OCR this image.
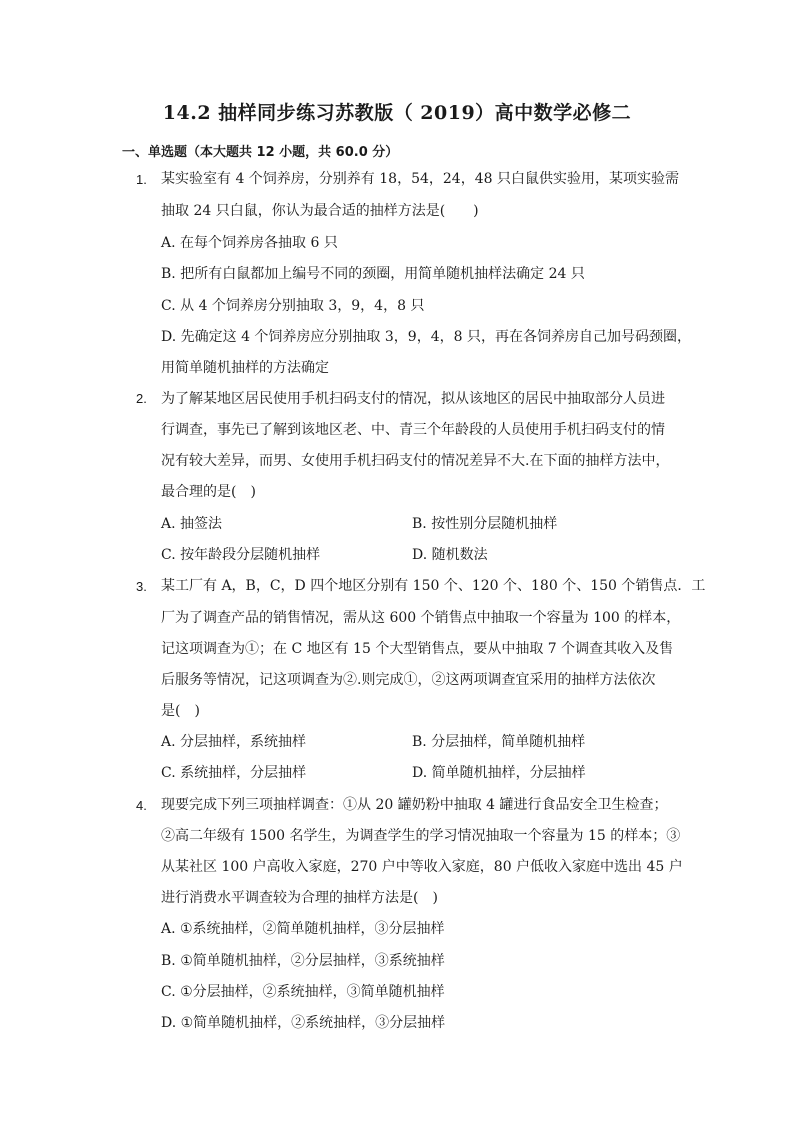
14.2 抽样同步练习苏教版（ 2019）高中数学必修二
一、单选题（本大题共 12 小题，共 60.0 分）
1. 某实验室有 4 个饲养房，分别养有 18，54，24，48 只白鼠供实验用，某项实验需
抽取 24 只白鼠，你认为最合适的抽样方法是(　　)
A. 在每个饲养房各抽取 6 只
B. 把所有白鼠都加上编号不同的颈圈，用简单随机抽样法确定 24 只
C. 从 4 个饲养房分别抽取 3，9，4，8 只
D. 先确定这 4 个饲养房应分别抽取 3，9，4，8 只，再在各饲养房自己加号码颈圈，
用简单随机抽样的方法确定
2. 为了解某地区居民使用手机扫码支付的情况，拟从该地区的居民中抽取部分人员进
行调查，事先已了解到该地区老、中、青三个年龄段的人员使用手机扫码支付的情
况有较大差异，而男、女使用手机扫码支付的情况差异不大.在下面的抽样方法中，
最合理的是(　)
A. 抽签法	B. 按性别分层随机抽样
C. 按年龄段分层随机抽样	D. 随机数法
3. 某工厂有 A，B，C，D 四个地区分别有 150 个、120 个、180 个、150 个销售点．工
厂为了调查产品的销售情况，需从这 600 个销售点中抽取一个容量为 100 的样本，
记这项调查为①；在 C 地区有 15 个大型销售点，要从中抽取 7 个调查其收入及售
后服务等情况，记这项调查为②.则完成①，②这两项调查宜采用的抽样方法依次
是(　)
A. 分层抽样，系统抽样	B. 分层抽样，简单随机抽样
C. 系统抽样，分层抽样	D. 简单随机抽样，分层抽样
4. 现要完成下列三项抽样调查：①从 20 罐奶粉中抽取 4 罐进行食品安全卫生检查；
②高二年级有 1500 名学生，为调查学生的学习情况抽取一个容量为 15 的样本；③
从某社区 100 户高收入家庭，270 户中等收入家庭，80 户低收入家庭中选出 45 户
进行消费水平调查较为合理的抽样方法是(　)
A. ①系统抽样，②简单随机抽样，③分层抽样
B. ①简单随机抽样，②分层抽样，③系统抽样
C. ①分层抽样，②系统抽样，③简单随机抽样
D. ①简单随机抽样，②系统抽样，③分层抽样
